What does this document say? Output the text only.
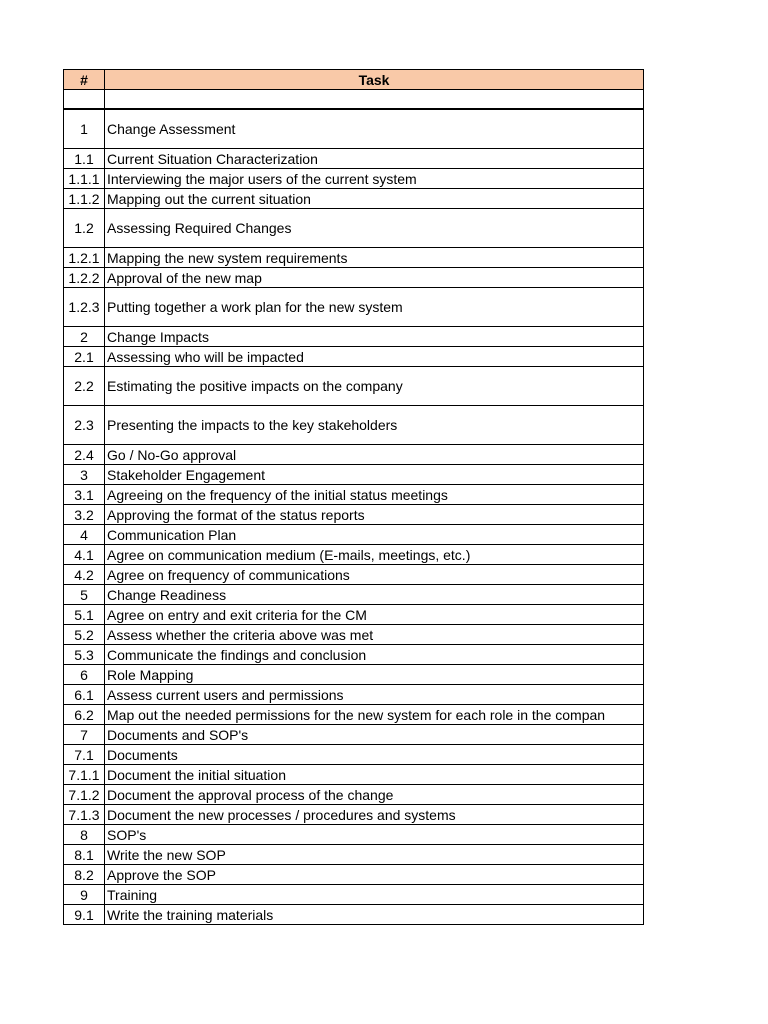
#	Task

1	Change Assessment
1.1	Current Situation Characterization
1.1.1	Interviewing the major users of the current system
1.1.2	Mapping out the current situation
1.2	Assessing Required Changes
1.2.1	Mapping the new system requirements
1.2.2	Approval of the new map
1.2.3	Putting together a work plan for the new system
2	Change Impacts
2.1	Assessing who will be impacted
2.2	Estimating the positive impacts on the company
2.3	Presenting the impacts to the key stakeholders
2.4	Go / No-Go approval
3	Stakeholder Engagement
3.1	Agreeing on the frequency of the initial status meetings
3.2	Approving the format of the status reports
4	Communication Plan
4.1	Agree on communication medium (E-mails, meetings, etc.)
4.2	Agree on frequency of communications
5	Change Readiness
5.1	Agree on entry and exit criteria for the CM
5.2	Assess whether the criteria above was met
5.3	Communicate the findings and conclusion
6	Role Mapping
6.1	Assess current users and permissions
6.2	Map out the needed permissions for the new system for each role in the compan
7	Documents and SOP's
7.1	Documents
7.1.1	Document the initial situation
7.1.2	Document the approval process of the change
7.1.3	Document the new processes / procedures and systems
8	SOP's
8.1	Write the new SOP
8.2	Approve the SOP
9	Training
9.1	Write the training materials
